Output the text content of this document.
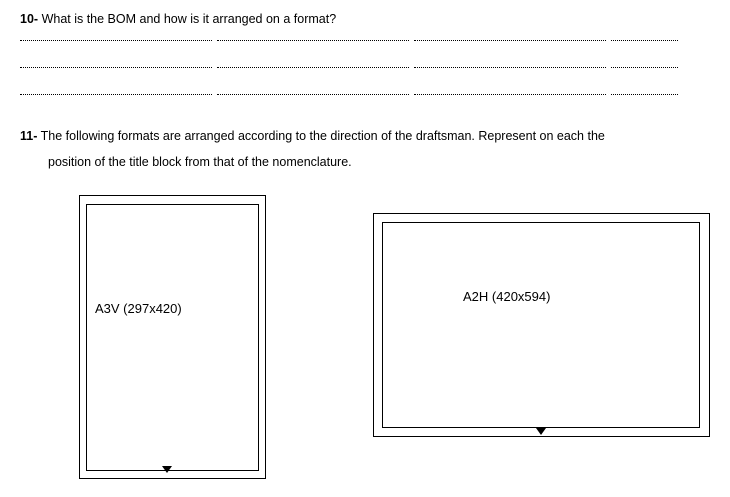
10- What is the BOM and how is it arranged on a format?
11- The following formats are arranged according to the direction of the draftsman. Represent on each the
position of the title block from that of the nomenclature.
A3V (297x420)
A2H (420x594)
